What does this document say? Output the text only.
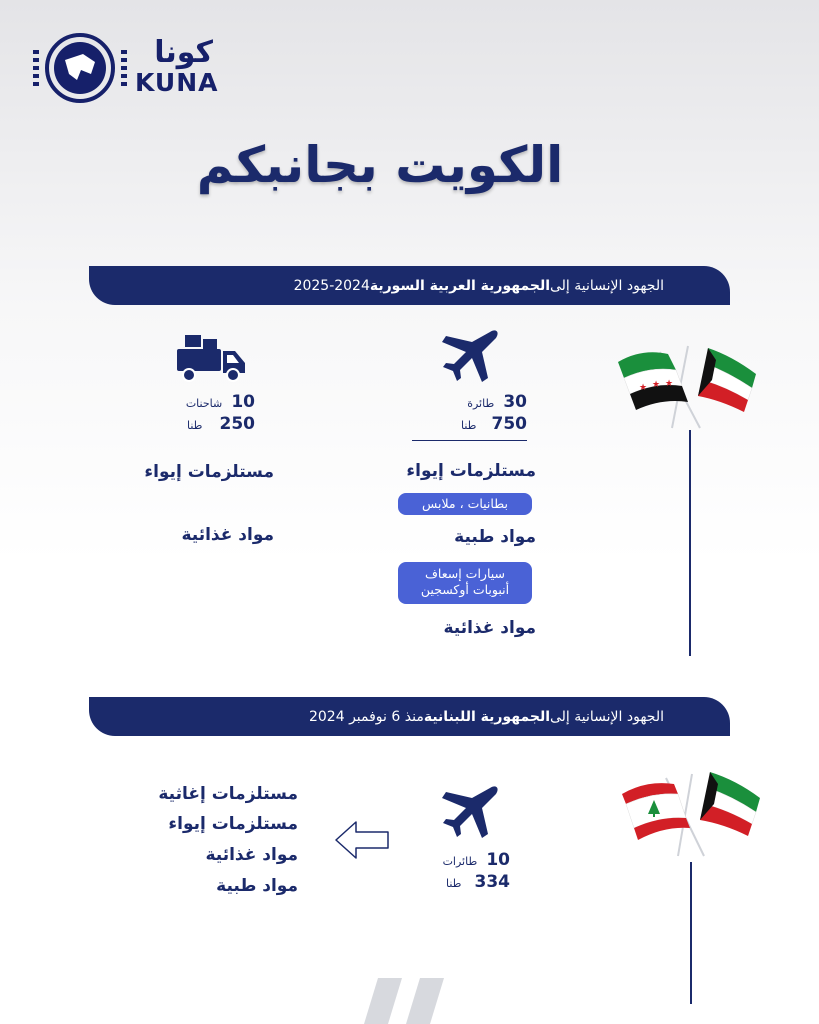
كونا
KUNA
الكويت بجانبكم
الجهود الإنسانية إلى
الجمهورية العربية السورية
2025-2024
★ ★ ★
30 طائرة
750 طنا
مستلزمات إيواء
بطانيات ، ملابس
مواد طبية
سيارات إسعاف
أنبوبات أوكسجين
مواد غذائية
10 شاحنات
250 طنا
مستلزمات إيواء
مواد غذائية
الجهود الإنسانية إلى
الجمهورية اللبنانية
منذ 6 نوفمبر 2024
10 طائرات
334 طنا
مستلزمات إغاثية
مستلزمات إيواء
مواد غذائية
مواد طبية
